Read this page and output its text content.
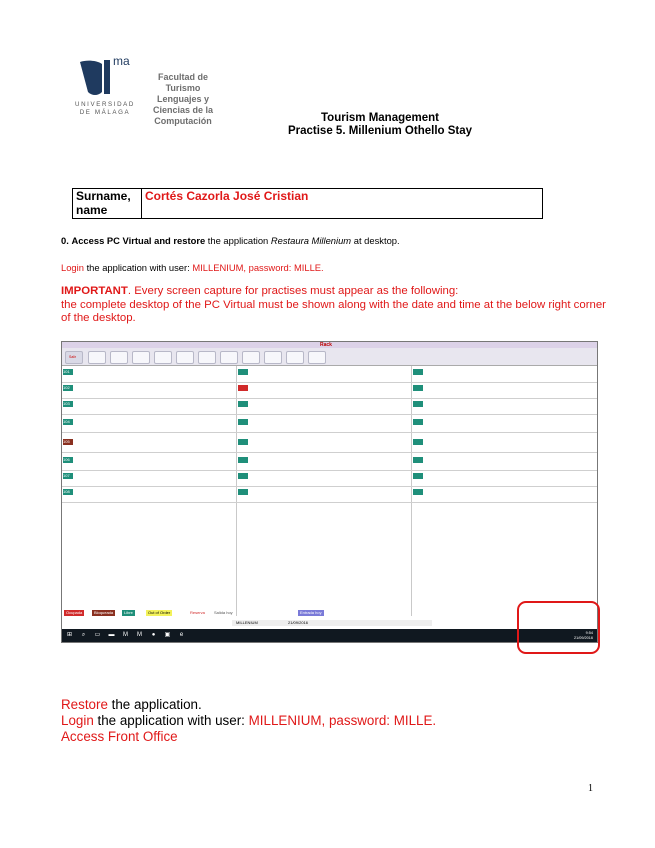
ma
UNIVERSIDAD
DE MÁLAGA
Facultad de Turismo Lenguajes y Ciencias de la Computación	Tourism Management
Practise 5. Millenium Othello Stay
Surname, name	Cortés Cazorla José Cristian
0. Access PC Virtual and restore the application Restaura Millenium at desktop.
Login the application with user: MILLENIUM, password: MILLE.
IMPORTANT. Every screen capture for practises must appear as the following:
the complete desktop of the PC Virtual must be shown along with the date and time at the below right corner of the desktop.
Rack
Salir
101
102
103
104
105
106
107
108
Ocupada	Bloqueada	Libre	Out of Order	Reserva	Salida hoy	Entrada hoy
MILLENIUM	21/09/2016
⊞	⌕	▭ ▬ M M ● ▣	e	9:54
21/09/2016
Restore the application.
Login the application with user: MILLENIUM, password: MILLE.
Access Front Office
1
